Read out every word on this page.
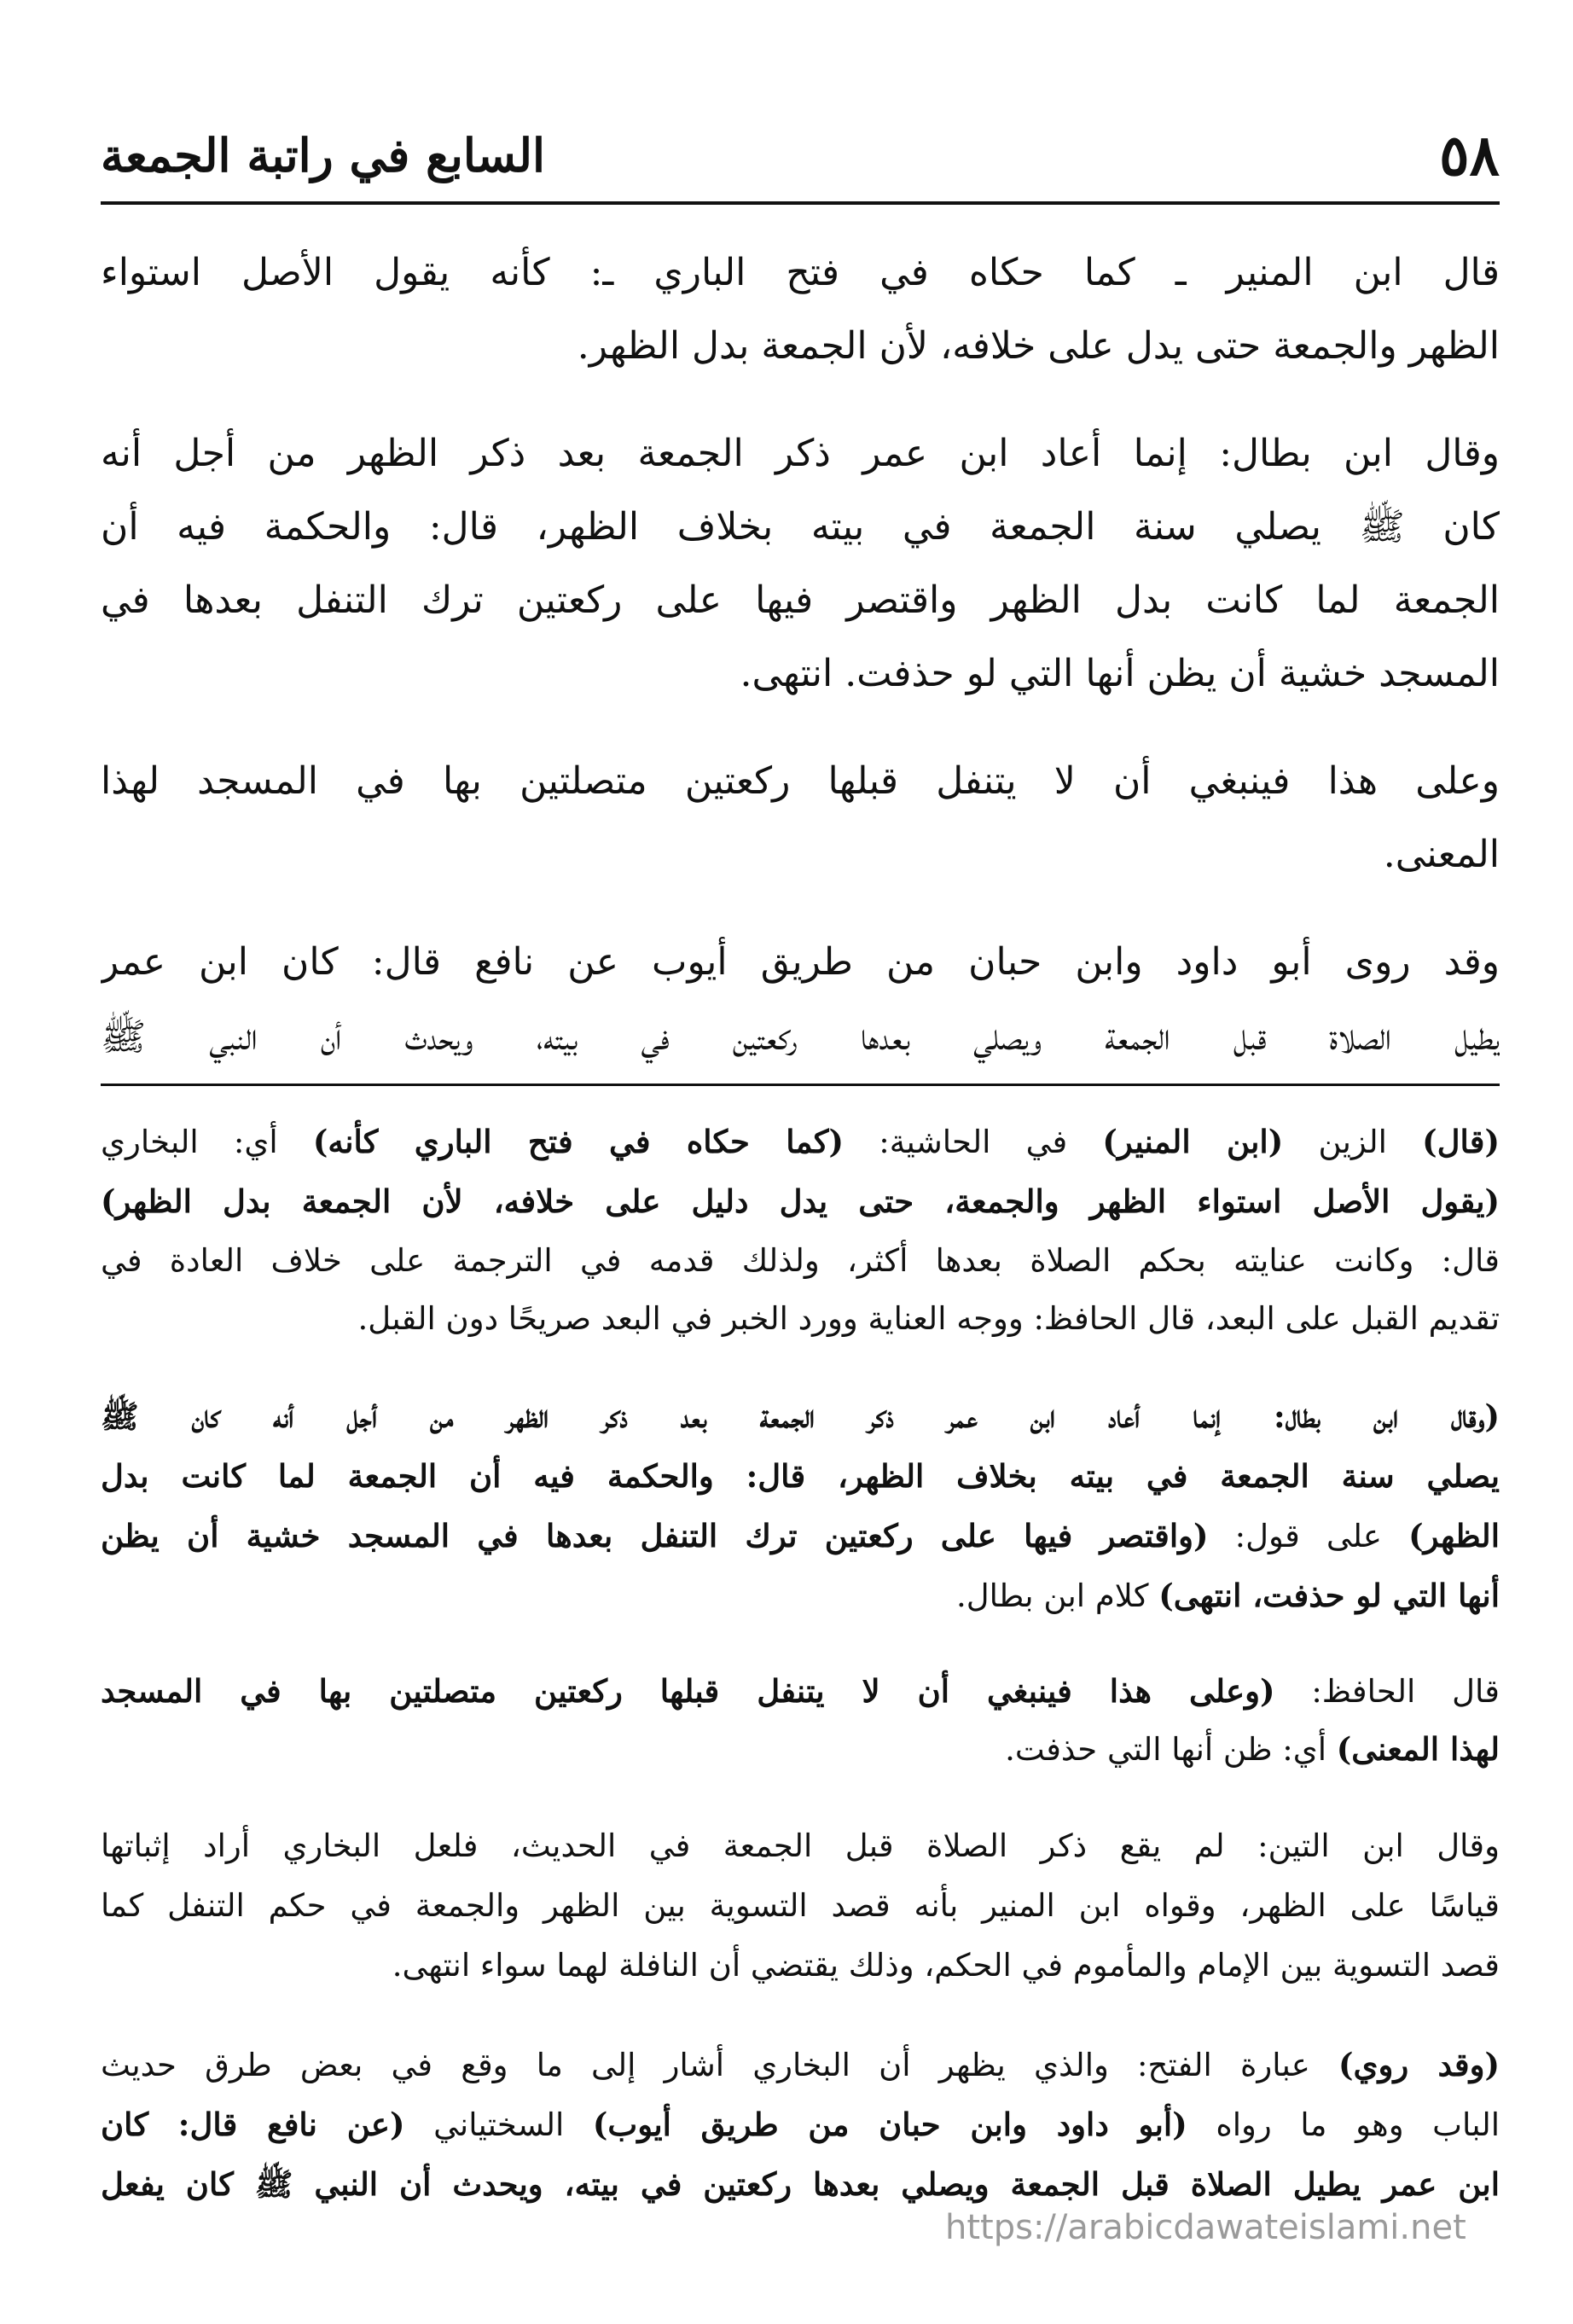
٥٨
السابع في راتبة الجمعة
قال ابن المنير ـ كما حكاه في فتح الباري ـ: كأنه يقول الأصل استواء
الظهر والجمعة حتى يدل على خلافه، لأن الجمعة بدل الظهر.
وقال ابن بطال: إنما أعاد ابن عمر ذكر الجمعة بعد ذكر الظهر من أجل أنه
كان ﷺ يصلي سنة الجمعة في بيته بخلاف الظهر، قال: والحكمة فيه أن
الجمعة لما كانت بدل الظهر واقتصر فيها على ركعتين ترك التنفل بعدها في
المسجد خشية أن يظن أنها التي لو حذفت. انتهى.
وعلى هذا فينبغي أن لا يتنفل قبلها ركعتين متصلتين بها في المسجد لهذا
المعنى.
وقد روى أبو داود وابن حبان من طريق أيوب عن نافع قال: كان ابن عمر
يطيل الصلاة قبل الجمعة ويصلي بعدها ركعتين في بيته، ويحدث أن النبي ﷺ
(قال) الزين (ابن المنير) في الحاشية: (كما حكاه في فتح الباري كأنه) أي: البخاري
(يقول الأصل استواء الظهر والجمعة، حتى يدل دليل على خلافه، لأن الجمعة بدل الظهر)
قال: وكانت عنايته بحكم الصلاة بعدها أكثر، ولذلك قدمه في الترجمة على خلاف العادة في
تقديم القبل على البعد، قال الحافظ: ووجه العناية وورد الخبر في البعد صريحًا دون القبل.
(وقال ابن بطال: إنما أعاد ابن عمر ذكر الجمعة بعد ذكر الظهر من أجل أنه كان ﷺ
يصلي سنة الجمعة في بيته بخلاف الظهر، قال: والحكمة فيه أن الجمعة لما كانت بدل
الظهر) على قول: (واقتصر فيها على ركعتين ترك التنفل بعدها في المسجد خشية أن يظن
أنها التي لو حذفت، انتهى) كلام ابن بطال.
قال الحافظ: (وعلى هذا فينبغي أن لا يتنفل قبلها ركعتين متصلتين بها في المسجد
لهذا المعنى) أي: ظن أنها التي حذفت.
وقال ابن التين: لم يقع ذكر الصلاة قبل الجمعة في الحديث، فلعل البخاري أراد إثباتها
قياسًا على الظهر، وقواه ابن المنير بأنه قصد التسوية بين الظهر والجمعة في حكم التنفل كما
قصد التسوية بين الإمام والمأموم في الحكم، وذلك يقتضي أن النافلة لهما سواء انتهى.
(وقد روي) عبارة الفتح: والذي يظهر أن البخاري أشار إلى ما وقع في بعض طرق حديث
الباب وهو ما رواه (أبو داود وابن حبان من طريق أيوب) السختياني (عن نافع قال: كان
ابن عمر يطيل الصلاة قبل الجمعة ويصلي بعدها ركعتين في بيته، ويحدث أن النبي ﷺ كان يفعل
https://arabicdawateislami.net
